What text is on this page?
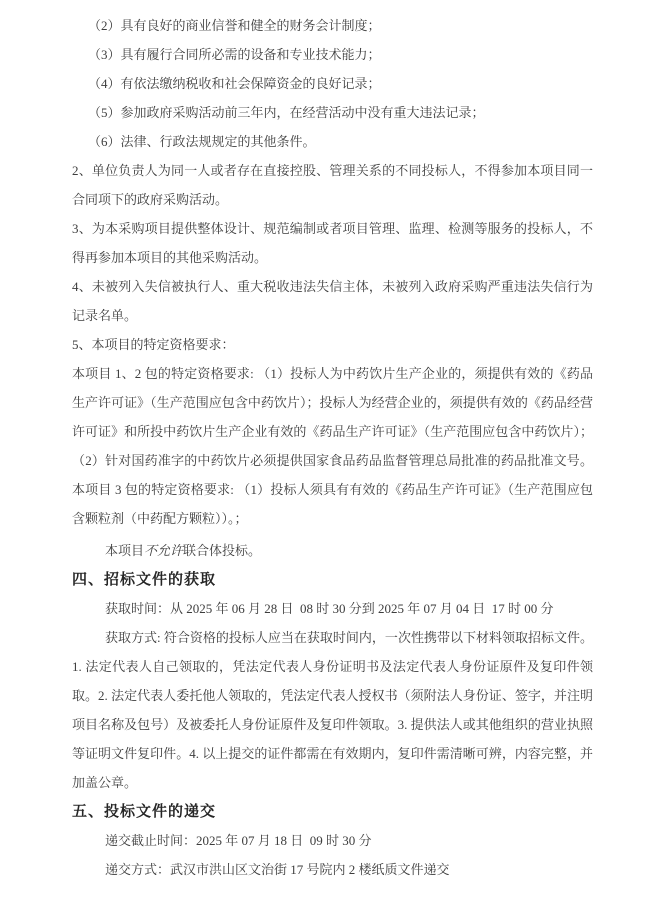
（2）具有良好的商业信誉和健全的财务会计制度；

（3）具有履行合同所必需的设备和专业技术能力；

（4）有依法缴纳税收和社会保障资金的良好记录；

（5）参加政府采购活动前三年内，在经营活动中没有重大违法记录；

（6）法律、行政法规规定的其他条件。

2、单位负责人为同一人或者存在直接控股、管理关系的不同投标人，不得参加本项目同一合同项下的政府采购活动。

3、为本采购项目提供整体设计、规范编制或者项目管理、监理、检测等服务的投标人，不得再参加本项目的其他采购活动。

4、未被列入失信被执行人、重大税收违法失信主体，未被列入政府采购严重违法失信行为记录名单。

5、本项目的特定资格要求：

本项目 1、2 包的特定资格要求: （1）投标人为中药饮片生产企业的，须提供有效的《药品生产许可证》（生产范围应包含中药饮片）；投标人为经营企业的，须提供有效的《药品经营许可证》和所投中药饮片生产企业有效的《药品生产许可证》（生产范围应包含中药饮片）；（2）针对国药准字的中药饮片必须提供国家食品药品监督管理总局批准的药品批准文号。本项目 3 包的特定资格要求: （1）投标人须具有有效的《药品生产许可证》（生产范围应包含颗粒剂（中药配方颗粒））。；

本项目不允许联合体投标。

四、招标文件的获取

获取时间：从 2025 年 06 月 28 日  08 时 30 分到 2025 年 07 月 04 日  17 时 00 分

获取方式: 符合资格的投标人应当在获取时间内，一次性携带以下材料领取招标文件。1. 法定代表人自己领取的，凭法定代表人身份证明书及法定代表人身份证原件及复印件领取。2. 法定代表人委托他人领取的，凭法定代表人授权书（须附法人身份证、签字，并注明项目名称及包号）及被委托人身份证原件及复印件领取。3. 提供法人或其他组织的营业执照等证明文件复印件。4. 以上提交的证件都需在有效期内，复印件需清晰可辨，内容完整，并加盖公章。

五、投标文件的递交

递交截止时间：2025 年 07 月 18 日  09 时 30 分

递交方式：武汉市洪山区文治街 17 号院内 2 楼纸质文件递交
